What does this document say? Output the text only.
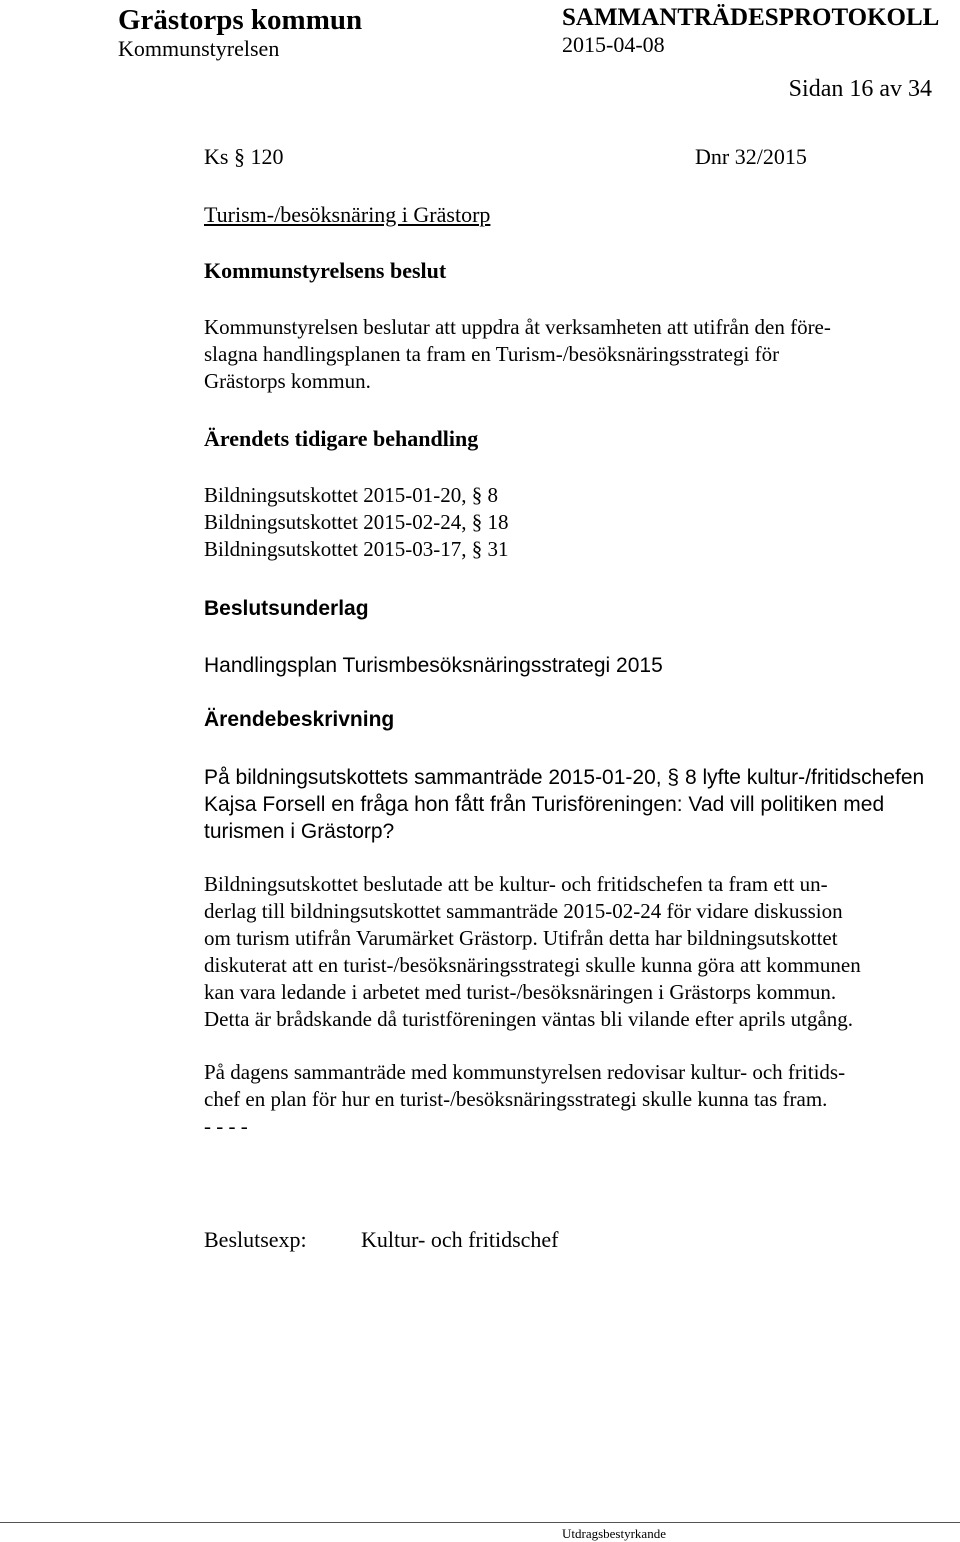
Grästorps kommun
Kommunstyrelsen
SAMMANTRÄDESPROTOKOLL
2015-04-08
Sidan 16 av 34
Ks § 120	Dnr 32/2015
Turism-/besöksnäring i Grästorp
Kommunstyrelsens beslut
Kommunstyrelsen beslutar att uppdra åt verksamheten att utifrån den före-
slagna handlingsplanen ta fram en Turism-/besöksnäringsstrategi för
Grästorps kommun.
Ärendets tidigare behandling
Bildningsutskottet 2015-01-20, § 8
Bildningsutskottet 2015-02-24, § 18
Bildningsutskottet 2015-03-17, § 31
Beslutsunderlag
Handlingsplan Turismbesöksnäringsstrategi 2015
Ärendebeskrivning
På bildningsutskottets sammanträde 2015-01-20, § 8 lyfte kultur-/fritidschefen
Kajsa Forsell en fråga hon fått från Turisföreningen: Vad vill politiken med
turismen i Grästorp?
Bildningsutskottet beslutade att be kultur- och fritidschefen ta fram ett un-
derlag till bildningsutskottet sammanträde 2015-02-24 för vidare diskussion
om turism utifrån Varumärket Grästorp. Utifrån detta har bildningsutskottet
diskuterat att en turist-/besöksnäringsstrategi skulle kunna göra att kommunen
kan vara ledande i arbetet med turist-/besöksnäringen i Grästorps kommun.
Detta är brådskande då turistföreningen väntas bli vilande efter aprils utgång.
På dagens sammanträde med kommunstyrelsen redovisar kultur- och fritids-
chef en plan för hur en turist-/besöksnäringsstrategi skulle kunna tas fram.
- - - -
Beslutsexp: Kultur- och fritidschef
Utdragsbestyrkande
